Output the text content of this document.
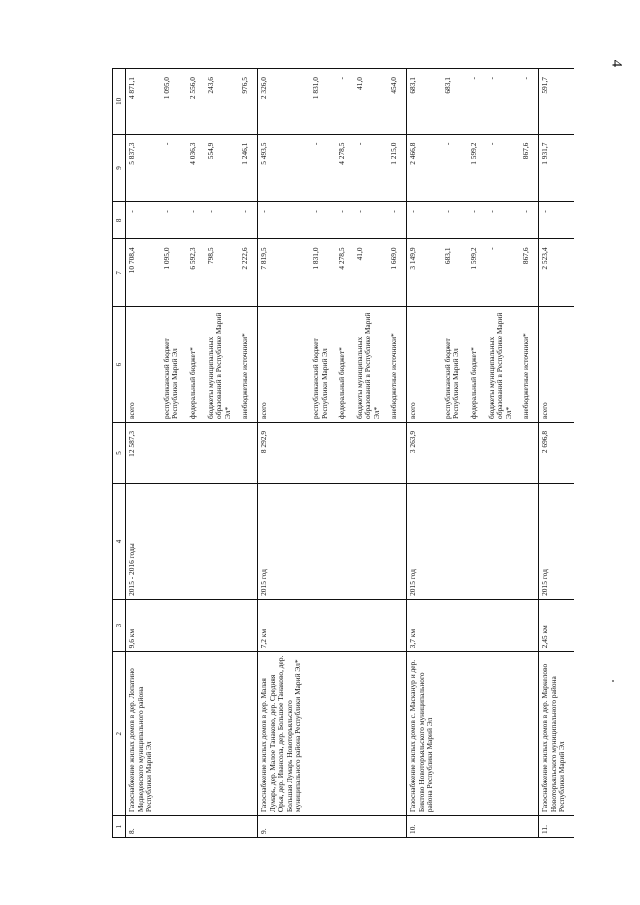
4
1	2	3	4	5	6	7	8	9	10
8.	Газоснабжение жилых домов в дер. Лопатино Медведевского муниципального района Республики Марий Эл	9,6 км	2015 - 2016 годы	12 587,3	всего	10 708,4	-	5 837,3	4 871,1
					республиканский бюджет Республики Марий Эл	1 095,0	-	-	1 095,0
					федеральный бюджет*	6 592,3	-	4 036,3	2 556,0
					бюджеты муниципальных образований в Республике Марий Эл*	798,5	-	554,9	243,6
					внебюджетные источники*	2 222,6	-	1 246,1	976,5
9.	Газоснабжение жилых домов в дер. Малая Лумарь, дер. Малое Танаково, дер. Средняя Орья, дер. Ивансола, дер. Большое Танаково, дер. Большая Лумарь Новоторъяльского муниципального района Республики Марий Эл*	7,2 км	2015 год	8 292,9	всего	7 819,5	-	5 493,5	2 326,0
					республиканский бюджет Республики Марий Эл	1 831,0	-	-	1 831,0
					федеральный бюджет*	4 278,5	-	4 278,5	-
					бюджеты муниципальных образований в Республике Марий Эл*	41,0	-	-	41,0
					внебюджетные источники*	1 669,0	-	1 215,0	454,0
10.	Газоснабжение жилых домов с. Масканур и дер. Биктово Новоторъяльского муниципального района Республики Марий Эл	3,7 км	2015 год	3 263,9	всего	3 149,9	-	2 466,8	683,1
					республиканский бюджет Республики Марий Эл	683,1	-	-	683,1
					федеральный бюджет*	1 599,2	-	1 599,2	-
					бюджеты муниципальных образований в Республике Марий Эл*	-	-	-	-
					внебюджетные источники*	867,6	-	867,6	-
11.	Газоснабжение жилых домов в дер. Маркелово Новоторъяльского муниципального района Республики Марий Эл	2,45 км	2015 год	2 696,8	всего	2 523,4	-	1 931,7	591,7
